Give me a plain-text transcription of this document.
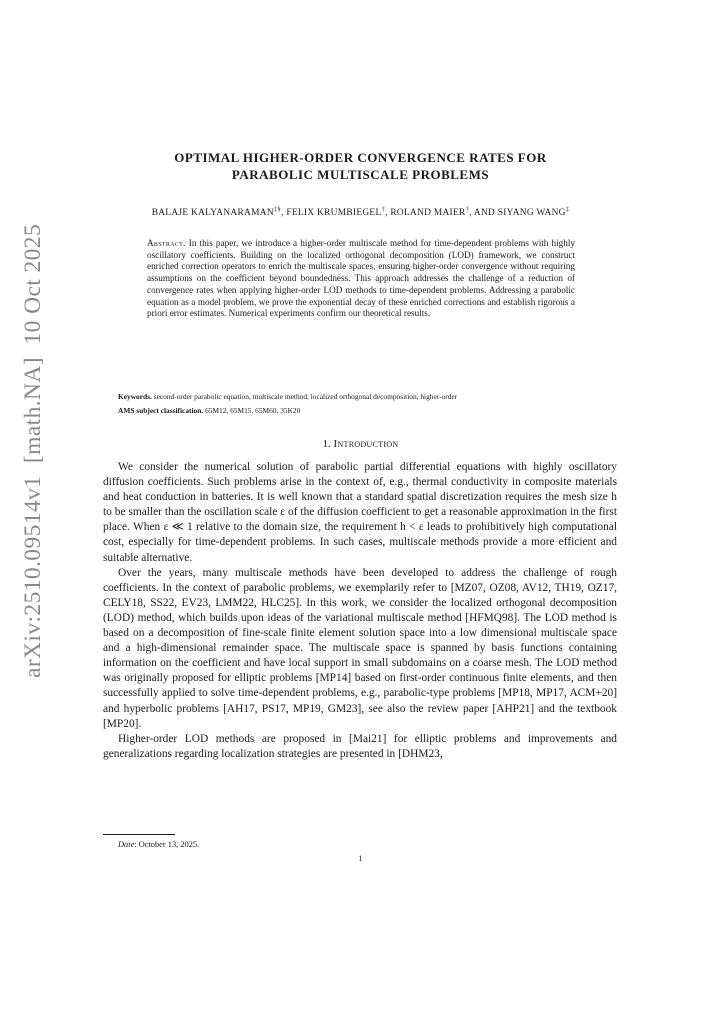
arXiv:2510.09514v1  [math.NA]  10 Oct 2025
OPTIMAL HIGHER-ORDER CONVERGENCE RATES FOR
PARABOLIC MULTISCALE PROBLEMS
BALAJE KALYANARAMAN‡§, FELIX KRUMBIEGEL†, ROLAND MAIER†, AND SIYANG WANG‡
Abstract. In this paper, we introduce a higher-order multiscale method for time-dependent problems with highly oscillatory coefficients. Building on the localized orthogonal decomposition (LOD) framework, we construct enriched correction operators to enrich the multiscale spaces, ensuring higher-order convergence without requiring assumptions on the coefficient beyond boundedness. This approach addresses the challenge of a reduction of convergence rates when applying higher-order LOD methods to time-dependent problems. Addressing a parabolic equation as a model problem, we prove the exponential decay of these enriched corrections and establish rigorous a priori error estimates. Numerical experiments confirm our theoretical results.
Keywords. second-order parabolic equation, multiscale method, localized orthogonal decomposition, higher-order
AMS subject classification. 65M12, 65M15, 65M60, 35K20
1. Introduction

We consider the numerical solution of parabolic partial differential equations with highly oscillatory diffusion coefficients. Such problems arise in the context of, e.g., thermal conductivity in composite materials and heat conduction in batteries. It is well known that a standard spatial discretization requires the mesh size h to be smaller than the oscillation scale ε of the diffusion coefficient to get a reasonable approximation in the first place. When ε ≪ 1 relative to the domain size, the requirement h < ε leads to prohibitively high computational cost, especially for time-dependent problems. In such cases, multiscale methods provide a more efficient and suitable alternative.

Over the years, many multiscale methods have been developed to address the challenge of rough coefficients. In the context of parabolic problems, we exemplarily refer to [MZ07, OZ08, AV12, TH19, OZ17, CELY18, SS22, EV23, LMM22, HLC25]. In this work, we consider the localized orthogonal decomposition (LOD) method, which builds upon ideas of the variational multiscale method [HFMQ98]. The LOD method is based on a decomposition of fine-scale finite element solution space into a low dimensional multiscale space and a high-dimensional remainder space. The multiscale space is spanned by basis functions containing information on the coefficient and have local support in small subdomains on a coarse mesh. The LOD method was originally proposed for elliptic problems [MP14] based on first-order continuous finite elements, and then successfully applied to solve time-dependent problems, e.g., parabolic-type problems [MP18, MP17, ACM+20] and hyperbolic problems [AH17, PS17, MP19, GM23], see also the review paper [AHP21] and the textbook [MP20].

Higher-order LOD methods are proposed in [Mai21] for elliptic problems and improvements and generalizations regarding localization strategies are presented in [DHM23,

Date: October 13, 2025.
1
